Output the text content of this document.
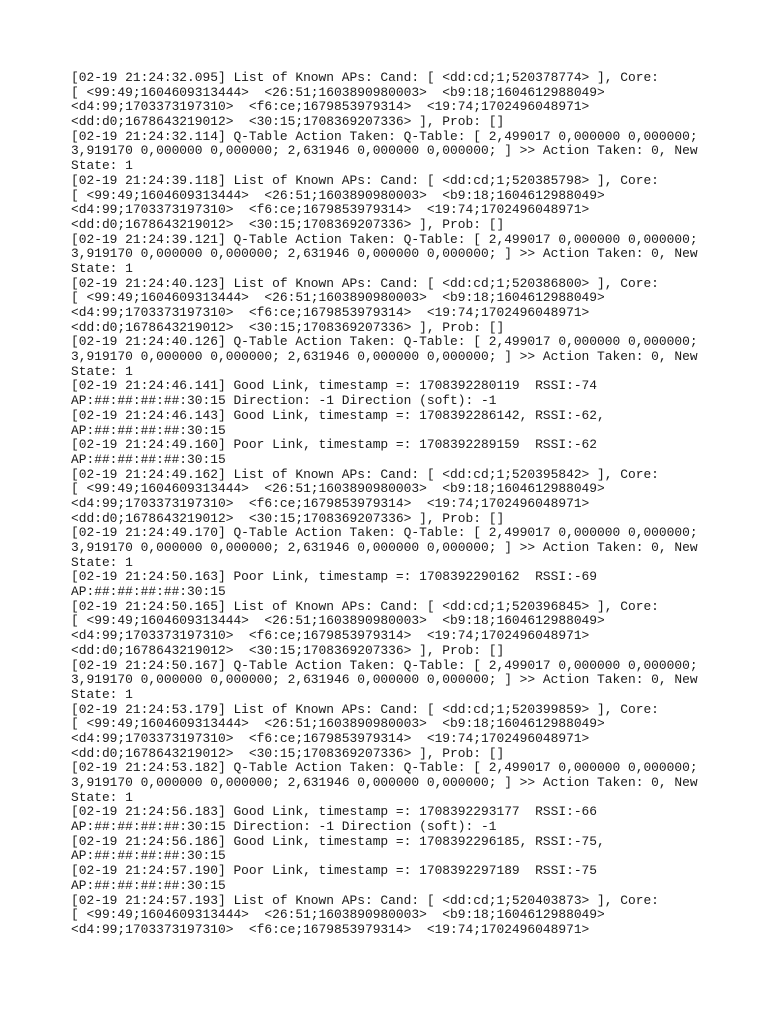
[02-19 21:24:32.095] List of Known APs: Cand: [ <dd:cd;1;520378774> ], Core:
[ <99:49;1604609313444>  <26:51;1603890980003>  <b9:18;1604612988049>
<d4:99;1703373197310>  <f6:ce;1679853979314>  <19:74;1702496048971>
<dd:d0;1678643219012>  <30:15;1708369207336> ], Prob: []
[02-19 21:24:32.114] Q-Table Action Taken: Q-Table: [ 2,499017 0,000000 0,000000;
3,919170 0,000000 0,000000; 2,631946 0,000000 0,000000; ] >> Action Taken: 0, New
State: 1
[02-19 21:24:39.118] List of Known APs: Cand: [ <dd:cd;1;520385798> ], Core:
[ <99:49;1604609313444>  <26:51;1603890980003>  <b9:18;1604612988049>
<d4:99;1703373197310>  <f6:ce;1679853979314>  <19:74;1702496048971>
<dd:d0;1678643219012>  <30:15;1708369207336> ], Prob: []
[02-19 21:24:39.121] Q-Table Action Taken: Q-Table: [ 2,499017 0,000000 0,000000;
3,919170 0,000000 0,000000; 2,631946 0,000000 0,000000; ] >> Action Taken: 0, New
State: 1
[02-19 21:24:40.123] List of Known APs: Cand: [ <dd:cd;1;520386800> ], Core:
[ <99:49;1604609313444>  <26:51;1603890980003>  <b9:18;1604612988049>
<d4:99;1703373197310>  <f6:ce;1679853979314>  <19:74;1702496048971>
<dd:d0;1678643219012>  <30:15;1708369207336> ], Prob: []
[02-19 21:24:40.126] Q-Table Action Taken: Q-Table: [ 2,499017 0,000000 0,000000;
3,919170 0,000000 0,000000; 2,631946 0,000000 0,000000; ] >> Action Taken: 0, New
State: 1
[02-19 21:24:46.141] Good Link, timestamp =: 1708392280119  RSSI:-74
AP:##:##:##:##:30:15 Direction: -1 Direction (soft): -1
[02-19 21:24:46.143] Good Link, timestamp =: 1708392286142, RSSI:-62,
AP:##:##:##:##:30:15
[02-19 21:24:49.160] Poor Link, timestamp =: 1708392289159  RSSI:-62
AP:##:##:##:##:30:15
[02-19 21:24:49.162] List of Known APs: Cand: [ <dd:cd;1;520395842> ], Core:
[ <99:49;1604609313444>  <26:51;1603890980003>  <b9:18;1604612988049>
<d4:99;1703373197310>  <f6:ce;1679853979314>  <19:74;1702496048971>
<dd:d0;1678643219012>  <30:15;1708369207336> ], Prob: []
[02-19 21:24:49.170] Q-Table Action Taken: Q-Table: [ 2,499017 0,000000 0,000000;
3,919170 0,000000 0,000000; 2,631946 0,000000 0,000000; ] >> Action Taken: 0, New
State: 1
[02-19 21:24:50.163] Poor Link, timestamp =: 1708392290162  RSSI:-69
AP:##:##:##:##:30:15
[02-19 21:24:50.165] List of Known APs: Cand: [ <dd:cd;1;520396845> ], Core:
[ <99:49;1604609313444>  <26:51;1603890980003>  <b9:18;1604612988049>
<d4:99;1703373197310>  <f6:ce;1679853979314>  <19:74;1702496048971>
<dd:d0;1678643219012>  <30:15;1708369207336> ], Prob: []
[02-19 21:24:50.167] Q-Table Action Taken: Q-Table: [ 2,499017 0,000000 0,000000;
3,919170 0,000000 0,000000; 2,631946 0,000000 0,000000; ] >> Action Taken: 0, New
State: 1
[02-19 21:24:53.179] List of Known APs: Cand: [ <dd:cd;1;520399859> ], Core:
[ <99:49;1604609313444>  <26:51;1603890980003>  <b9:18;1604612988049>
<d4:99;1703373197310>  <f6:ce;1679853979314>  <19:74;1702496048971>
<dd:d0;1678643219012>  <30:15;1708369207336> ], Prob: []
[02-19 21:24:53.182] Q-Table Action Taken: Q-Table: [ 2,499017 0,000000 0,000000;
3,919170 0,000000 0,000000; 2,631946 0,000000 0,000000; ] >> Action Taken: 0, New
State: 1
[02-19 21:24:56.183] Good Link, timestamp =: 1708392293177  RSSI:-66
AP:##:##:##:##:30:15 Direction: -1 Direction (soft): -1
[02-19 21:24:56.186] Good Link, timestamp =: 1708392296185, RSSI:-75,
AP:##:##:##:##:30:15
[02-19 21:24:57.190] Poor Link, timestamp =: 1708392297189  RSSI:-75
AP:##:##:##:##:30:15
[02-19 21:24:57.193] List of Known APs: Cand: [ <dd:cd;1;520403873> ], Core:
[ <99:49;1604609313444>  <26:51;1603890980003>  <b9:18;1604612988049>
<d4:99;1703373197310>  <f6:ce;1679853979314>  <19:74;1702496048971>
